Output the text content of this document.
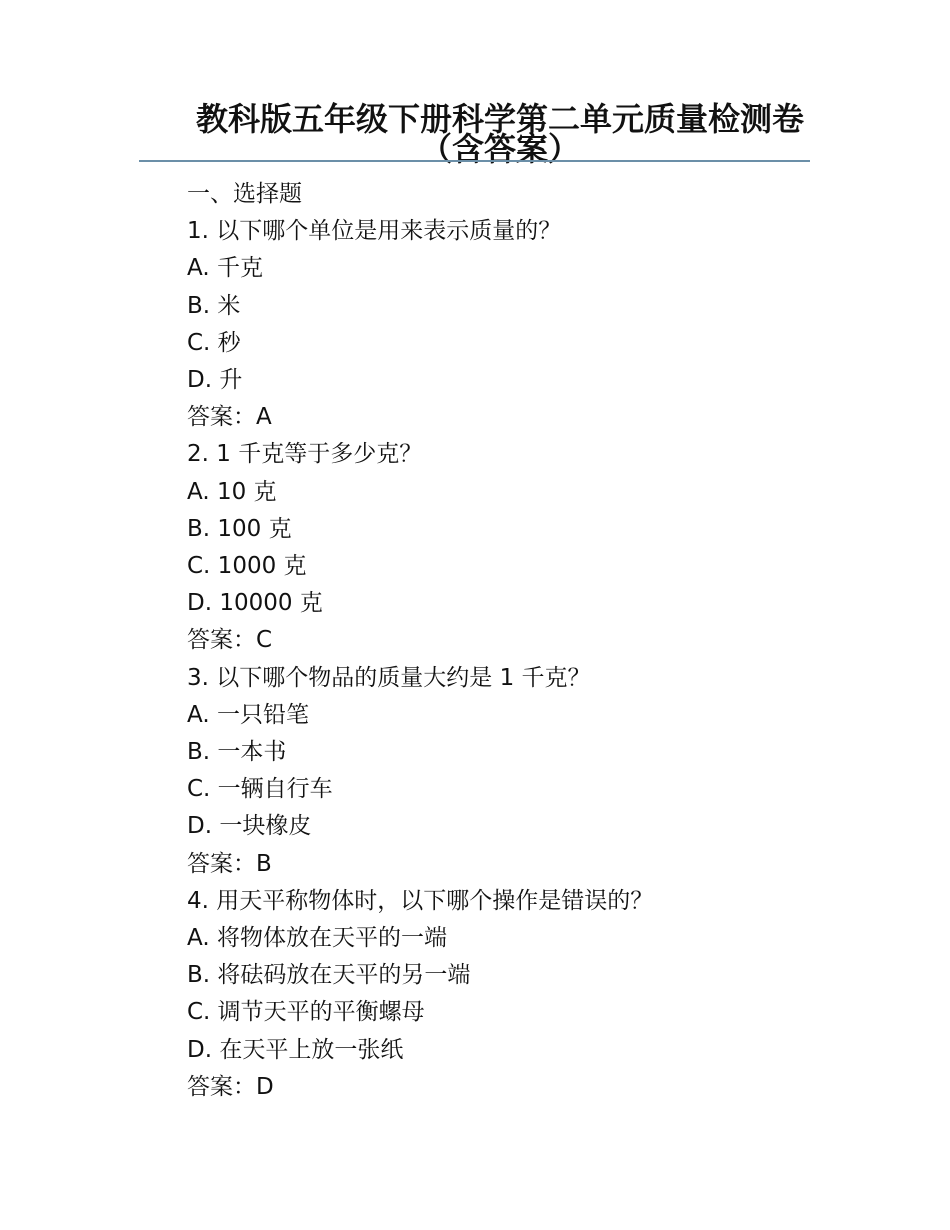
教科版五年级下册科学第二单元质量检测卷（含答案）

一、选择题

1. 以下哪个单位是用来表示质量的？

A. 千克

B. 米

C. 秒

D. 升

答案：A

2. 1 千克等于多少克？

A. 10 克

B. 100 克

C. 1000 克

D. 10000 克

答案：C

3. 以下哪个物品的质量大约是 1 千克？

A. 一只铅笔

B. 一本书

C. 一辆自行车

D. 一块橡皮

答案：B

4. 用天平称物体时，以下哪个操作是错误的？

A. 将物体放在天平的一端

B. 将砝码放在天平的另一端

C. 调节天平的平衡螺母

D. 在天平上放一张纸

答案：D
